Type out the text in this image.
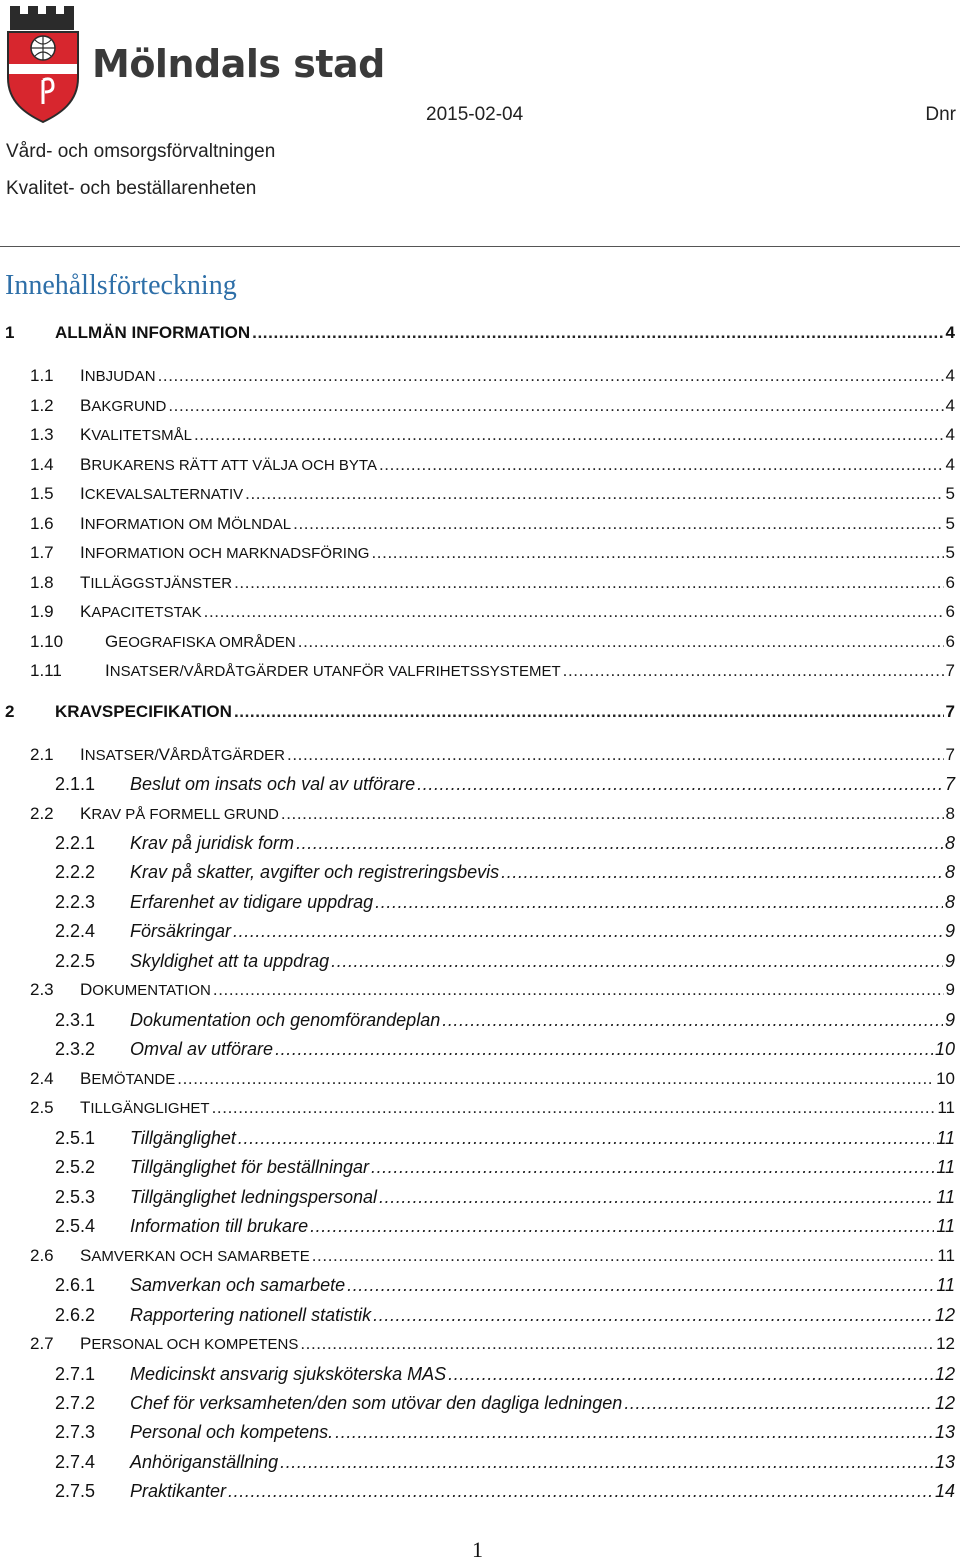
Mölndals stad
2015-02-04	Dnr
Vård- och omsorgsförvaltningen
Kvalitet- och beställarenheten
Innehållsförteckning
1	ALLMÄN INFORMATION .....	4
1.1	INBJUDAN .....	4
1.2	BAKGRUND .....	4
1.3	KVALITETSMÅL .....	4
1.4	BRUKARENS RÄTT ATT VÄLJA OCH BYTA .....	4
1.5	ICKEVALSALTERNATIV .....	5
1.6	INFORMATION OM MÖLNDAL .....	5
1.7	INFORMATION OCH MARKNADSFÖRING .....	5
1.8	TILLÄGGSTJÄNSTER .....	6
1.9	KAPACITETSTAK .....	6
1.10	GEOGRAFISKA OMRÅDEN .....	6
1.11	INSATSER/VÅRDÅTGÄRDER UTANFÖR VALFRIHETSSYSTEMET .....	7
2	KRAVSPECIFIKATION .....	7
2.1	INSATSER/VÅRDÅTGÄRDER .....	7
2.1.1	Beslut om insats och val av utförare .....	7
2.2	KRAV PÅ FORMELL GRUND .....	8
2.2.1	Krav på juridisk form .....	8
2.2.2	Krav på skatter, avgifter och registreringsbevis .....	8
2.2.3	Erfarenhet av tidigare uppdrag .....	8
2.2.4	Försäkringar .....	9
2.2.5	Skyldighet att ta uppdrag .....	9
2.3	DOKUMENTATION .....	9
2.3.1	Dokumentation och genomförandeplan .....	9
2.3.2	Omval av utförare .....	10
2.4	BEMÖTANDE .....	10
2.5	TILLGÄNGLIGHET .....	11
2.5.1	Tillgänglighet .....	11
2.5.2	Tillgänglighet för beställningar .....	11
2.5.3	Tillgänglighet ledningspersonal .....	11
2.5.4	Information till brukare .....	11
2.6	SAMVERKAN OCH SAMARBETE .....	11
2.6.1	Samverkan och samarbete .....	11
2.6.2	Rapportering nationell statistik .....	12
2.7	PERSONAL OCH KOMPETENS .....	12
2.7.1	Medicinskt ansvarig sjuksköterska MAS .....	12
2.7.2	Chef för verksamheten/den som utövar den dagliga ledningen .....	12
2.7.3	Personal och kompetens. .....	13
2.7.4	Anhöriganställning .....	13
2.7.5	Praktikanter .....	14
1
